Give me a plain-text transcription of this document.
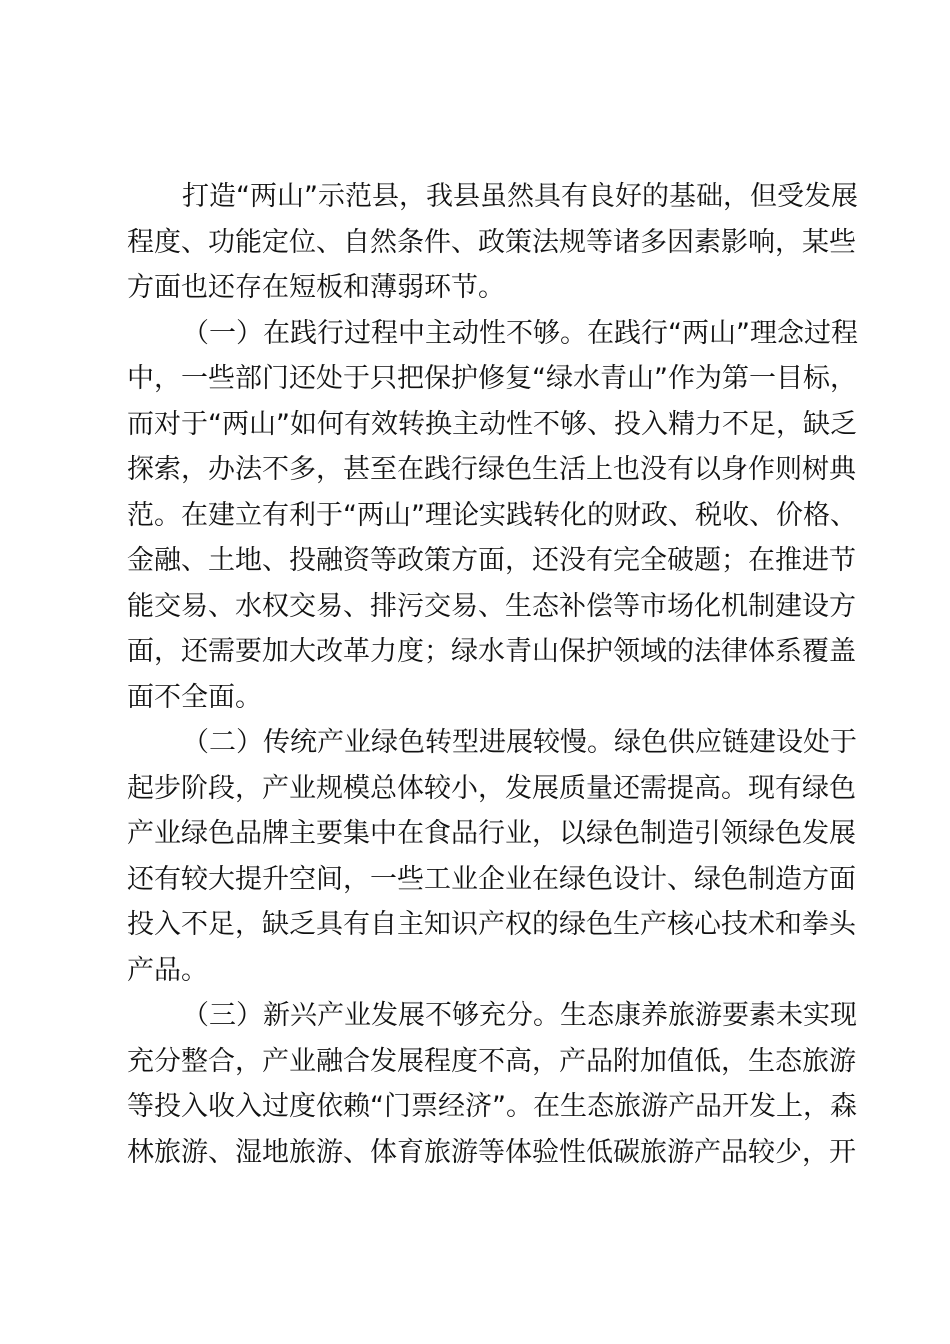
打造“两山”示范县，我县虽然具有良好的基础，但受发展
程度、功能定位、自然条件、政策法规等诸多因素影响，某些
方面也还存在短板和薄弱环节。
（一）在践行过程中主动性不够。在践行“两山”理念过程
中，一些部门还处于只把保护修复“绿水青山”作为第一目标，
而对于“两山”如何有效转换主动性不够、投入精力不足，缺乏
探索，办法不多，甚至在践行绿色生活上也没有以身作则树典
范。在建立有利于“两山”理论实践转化的财政、税收、价格、
金融、土地、投融资等政策方面，还没有完全破题；在推进节
能交易、水权交易、排污交易、生态补偿等市场化机制建设方
面，还需要加大改革力度；绿水青山保护领域的法律体系覆盖
面不全面。
（二）传统产业绿色转型进展较慢。绿色供应链建设处于
起步阶段，产业规模总体较小，发展质量还需提高。现有绿色
产业绿色品牌主要集中在食品行业，以绿色制造引领绿色发展
还有较大提升空间，一些工业企业在绿色设计、绿色制造方面
投入不足，缺乏具有自主知识产权的绿色生产核心技术和拳头
产品。
（三）新兴产业发展不够充分。生态康养旅游要素未实现
充分整合，产业融合发展程度不高，产品附加值低，生态旅游
等投入收入过度依赖“门票经济”。在生态旅游产品开发上，森
林旅游、湿地旅游、体育旅游等体验性低碳旅游产品较少，开
